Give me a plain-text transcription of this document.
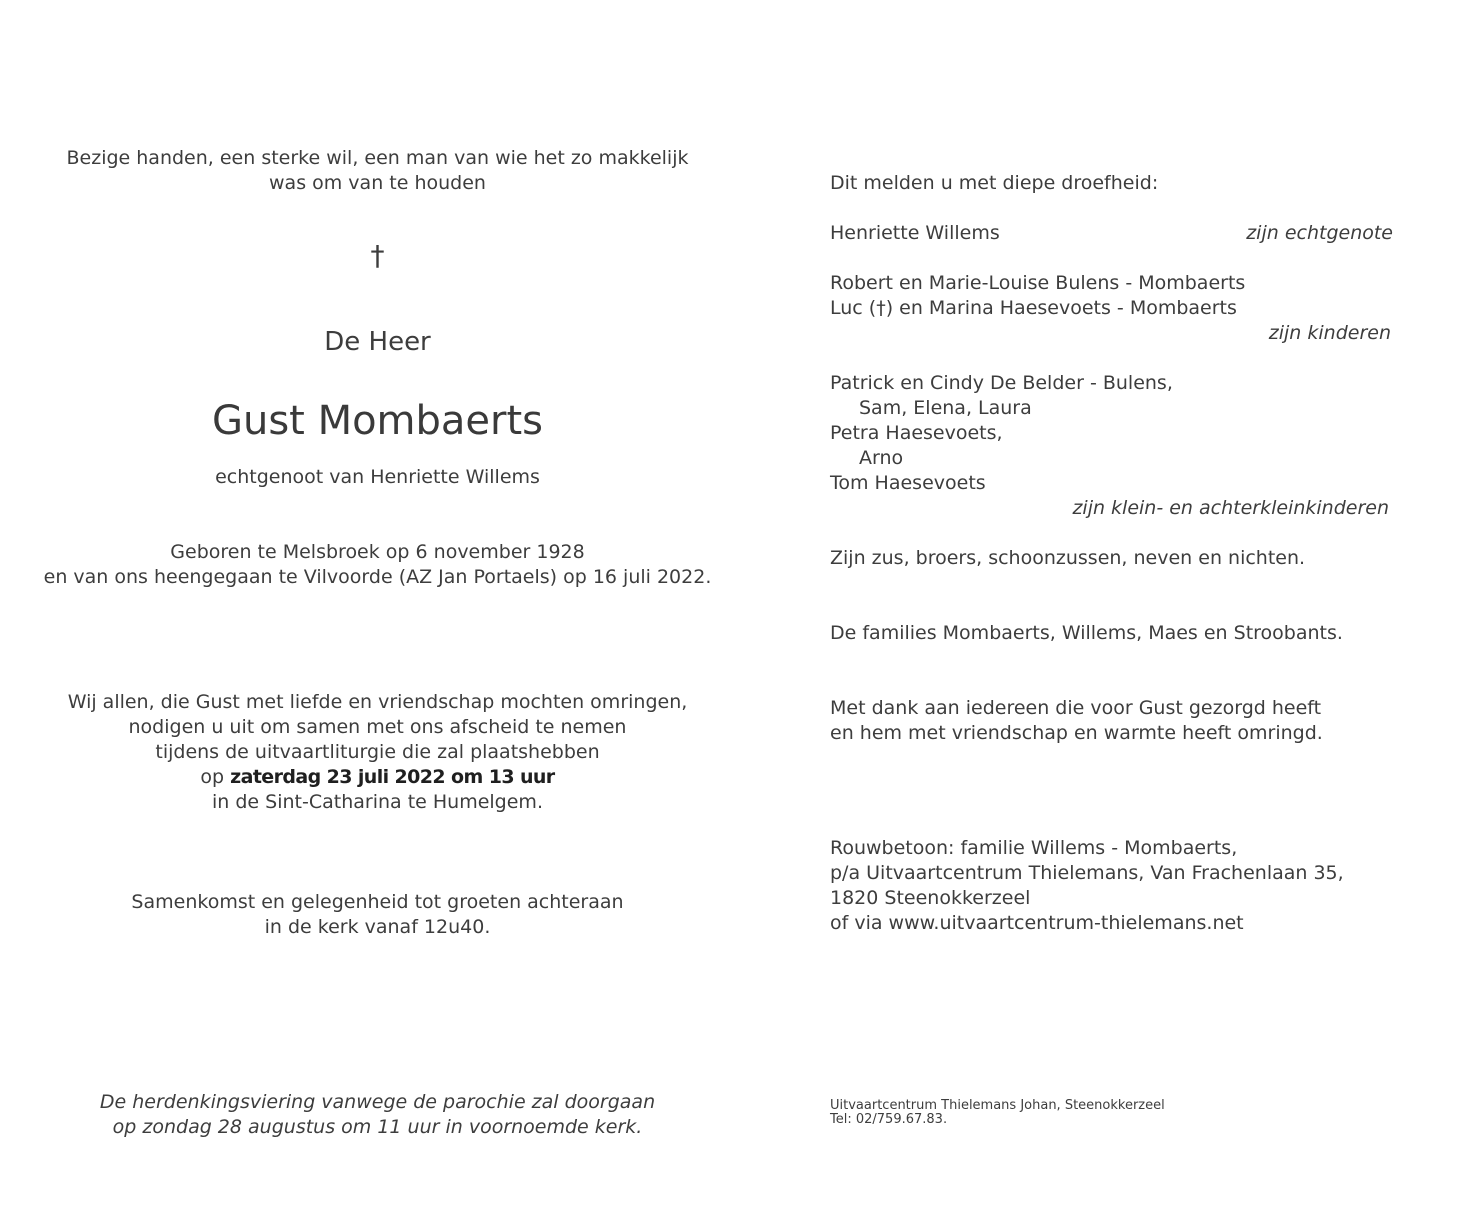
Bezige handen, een sterke wil, een man van wie het zo makkelijk
was om van te houden
†
De Heer
Gust Mombaerts
echtgenoot van Henriette Willems
Geboren te Melsbroek op 6 november 1928
en van ons heengegaan te Vilvoorde (AZ Jan Portaels) op 16 juli 2022.
Wij allen, die Gust met liefde en vriendschap mochten omringen,
nodigen u uit om samen met ons afscheid te nemen
tijdens de uitvaartliturgie die zal plaatshebben
op zaterdag 23 juli 2022 om 13 uur
in de Sint-Catharina te Humelgem.
Samenkomst en gelegenheid tot groeten achteraan
in de kerk vanaf 12u40.
De herdenkingsviering vanwege de parochie zal doorgaan
op zondag 28 augustus om 11 uur in voornoemde kerk.
Dit melden u met diepe droefheid:
Henriette Willems	zijn echtgenote
Robert en Marie-Louise Bulens - Mombaerts
Luc (†) en Marina Haesevoets - Mombaerts
zijn kinderen
Patrick en Cindy De Belder - Bulens,
Sam, Elena, Laura
Petra Haesevoets,
Arno
Tom Haesevoets
zijn klein- en achterkleinkinderen
Zijn zus, broers, schoonzussen, neven en nichten.
De families Mombaerts, Willems, Maes en Stroobants.
Met dank aan iedereen die voor Gust gezorgd heeft
en hem met vriendschap en warmte heeft omringd.
Rouwbetoon: familie Willems - Mombaerts,
p/a Uitvaartcentrum Thielemans, Van Frachenlaan 35,
1820 Steenokkerzeel
of via www.uitvaartcentrum-thielemans.net
Uitvaartcentrum Thielemans Johan, Steenokkerzeel
Tel: 02/759.67.83.
